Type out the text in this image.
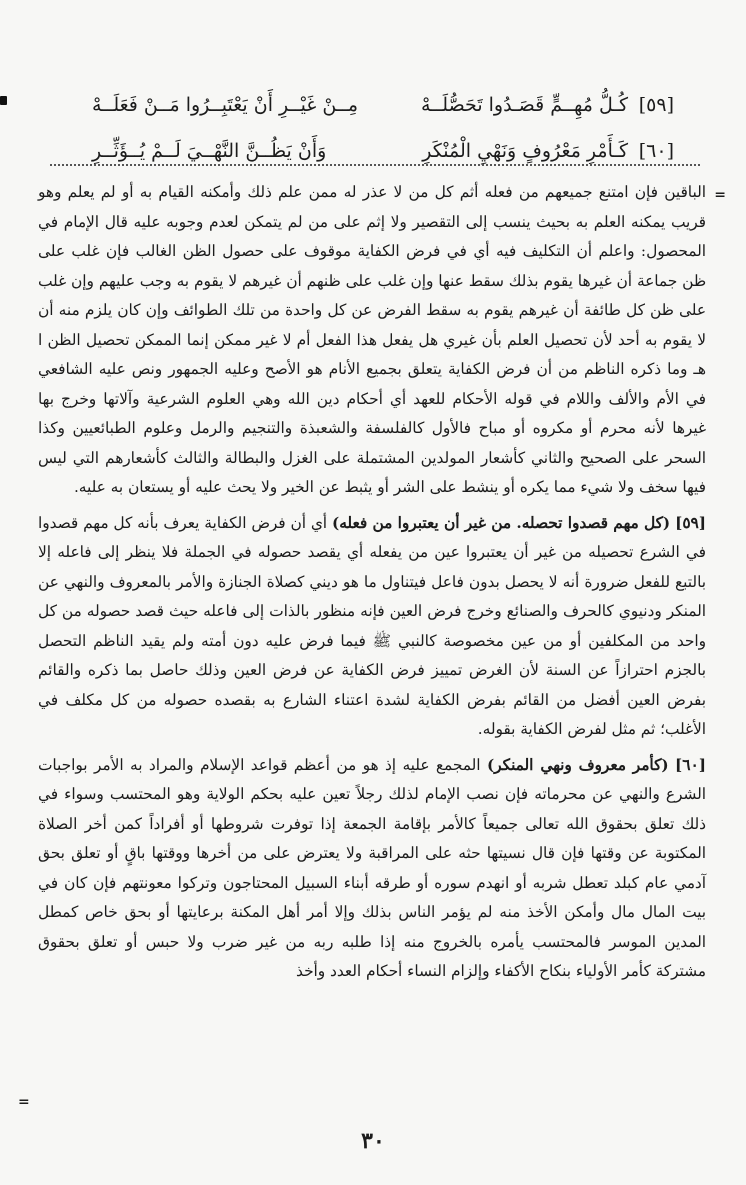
[٥٩]
كُـلُّ مُهِــمٍّ قَصَـدُوا تَحَصُّلَــهْ
مِــنْ غَيْــرِ أَنْ يَعْتَبِــرُوا مَــنْ فَعَلَــهْ
[٦٠]
كَـأَمْرِ مَعْرُوفٍ وَنَهْيِ الْمُنْكَرِ
وَأَنْ يَظُــنَّ النَّهْــيَ لَــمْ يُــؤَثِّــرِ
=

الباقين فإن امتنع جميعهم من فعله أثم كل من لا عذر له ممن علم ذلك وأمكنه القيام به أو لم يعلم وهو قريب يمكنه العلم به بحيث ينسب إلى التقصير ولا إثم على من لم يتمكن لعدم وجوبه عليه قال الإمام في المحصول: واعلم أن التكليف فيه أي في فرض الكفاية موقوف على حصول الظن الغالب فإن غلب على ظن جماعة أن غيرها يقوم بذلك سقط عنها وإن غلب على ظنهم أن غيرهم لا يقوم به وجب عليهم وإن غلب على ظن كل طائفة أن غيرهم يقوم به سقط الفرض عن كل واحدة من تلك الطوائف وإن كان يلزم منه أن لا يقوم به أحد لأن تحصيل العلم بأن غيري هل يفعل هذا الفعل أم لا غير ممكن إنما الممكن تحصيل الظن ا هـ وما ذكره الناظم من أن فرض الكفاية يتعلق بجميع الأنام هو الأصح وعليه الجمهور ونص عليه الشافعي في الأم والألف واللام في قوله الأحكام للعهد أي أحكام دين الله وهي العلوم الشرعية وآلاتها وخرج بها غيرها لأنه محرم أو مكروه أو مباح فالأول كالفلسفة والشعبذة والتنجيم والرمل وعلوم الطبائعيين وكذا السحر على الصحيح والثاني كأشعار المولدين المشتملة على الغزل والبطالة والثالث كأشعارهم التي ليس فيها سخف ولا شيء مما يكره أو ينشط على الشر أو يثبط عن الخير ولا يحث عليه أو يستعان به عليه.

[٥٩] (كل مهم قصدوا تحصله. من غير أن يعتبروا من فعله) أي أن فرض الكفاية يعرف بأنه كل مهم قصدوا في الشرع تحصيله من غير أن يعتبروا عين من يفعله أي يقصد حصوله في الجملة فلا ينظر إلى فاعله إلا بالتبع للفعل ضرورة أنه لا يحصل بدون فاعل فيتناول ما هو ديني كصلاة الجنازة والأمر بالمعروف والنهي عن المنكر ودنيوي كالحرف والصنائع وخرج فرض العين فإنه منظور بالذات إلى فاعله حيث قصد حصوله من كل واحد من المكلفين أو من عين مخصوصة كالنبي ﷺ فيما فرض عليه دون أمته ولم يقيد الناظم التحصل بالجزم احترازاً عن السنة لأن الغرض تمييز فرض الكفاية عن فرض العين وذلك حاصل بما ذكره والقائم بفرض العين أفضل من القائم بفرض الكفاية لشدة اعتناء الشارع به بقصده حصوله من كل مكلف في الأغلب؛ ثم مثل لفرض الكفاية بقوله.

[٦٠] (كأمر معروف ونهي المنكر) المجمع عليه إذ هو من أعظم قواعد الإسلام والمراد به الأمر بواجبات الشرع والنهي عن محرماته فإن نصب الإمام لذلك رجلاً تعين عليه بحكم الولاية وهو المحتسب وسواء في ذلك تعلق بحقوق الله تعالى جميعاً كالأمر بإقامة الجمعة إذا توفرت شروطها أو أفراداً كمن أخر الصلاة المكتوبة عن وقتها فإن قال نسيتها حثه على المراقبة ولا يعترض على من أخرها ووقتها باقٍ أو تعلق بحق آدمي عام كبلد تعطل شربه أو انهدم سوره أو طرقه أبناء السبيل المحتاجون وتركوا معونتهم فإن كان في بيت المال مال وأمكن الأخذ منه لم يؤمر الناس بذلك وإلا أمر أهل المكنة برعايتها أو بحق خاص كمطل المدين الموسر فالمحتسب يأمره بالخروج منه إذا طلبه ربه من غير ضرب ولا حبس أو تعلق بحقوق مشتركة كأمر الأولياء بنكاح الأكفاء وإلزام النساء أحكام العدد وأخذ

=
٣٠
